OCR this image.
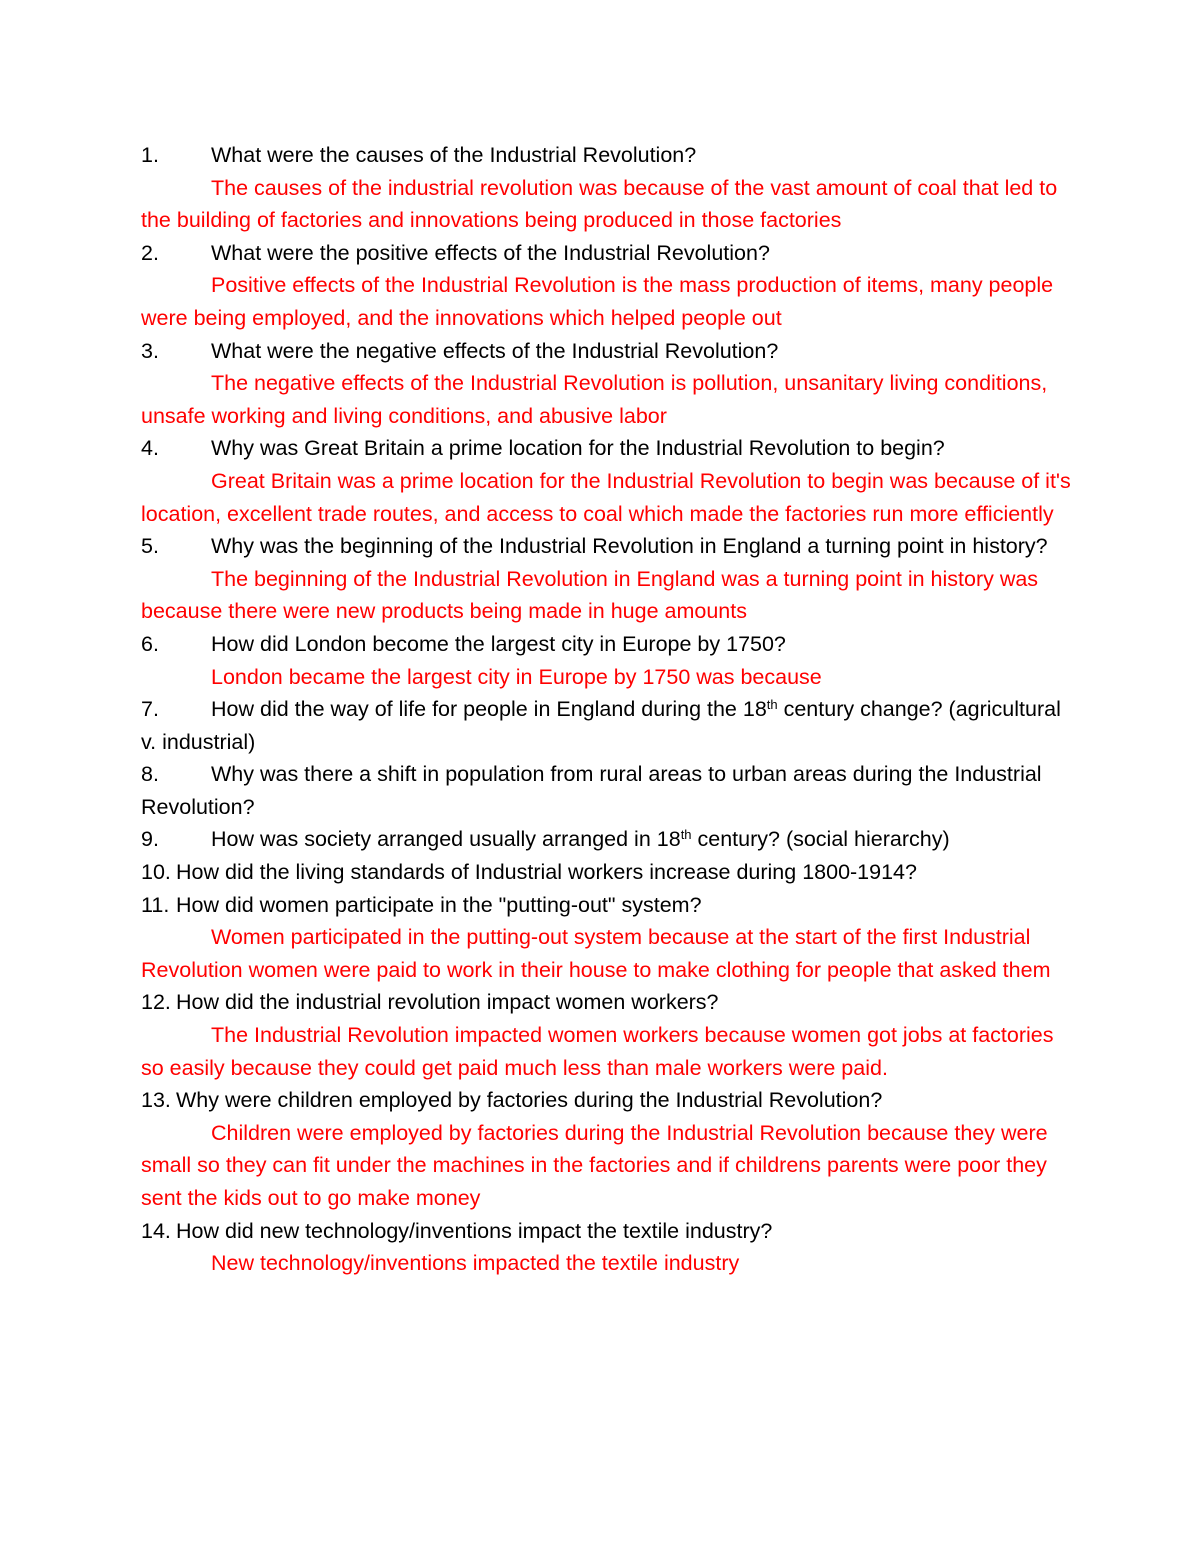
1. What were the causes of the Industrial Revolution?

The causes of the industrial revolution was because of the vast amount of coal that led to the building of factories and innovations being produced in those factories

2. What were the positive effects of the Industrial Revolution?

Positive effects of the Industrial Revolution is the mass production of items, many people were being employed, and the innovations which helped people out

3. What were the negative effects of the Industrial Revolution?

The negative effects of the Industrial Revolution is pollution, unsanitary living conditions, unsafe working and living conditions, and abusive labor

4. Why was Great Britain a prime location for the Industrial Revolution to begin?

Great Britain was a prime location for the Industrial Revolution to begin was because of it's location, excellent trade routes, and access to coal which made the factories run more efficiently

5. Why was the beginning of the Industrial Revolution in England a turning point in history?

The beginning of the Industrial Revolution in England was a turning point in history was because there were new products being made in huge amounts

6. How did London become the largest city in Europe by 1750?

London became the largest city in Europe by 1750 was because

7. How did the way of life for people in England during the 18th century change? (agricultural v. industrial)

8. Why was there a shift in population from rural areas to urban areas during the Industrial Revolution?

9. How was society arranged usually arranged in 18th century? (social hierarchy)

10. How did the living standards of Industrial workers increase during 1800-1914?

11. How did women participate in the "putting-out" system?

Women participated in the putting-out system because at the start of the first Industrial Revolution women were paid to work in their house to make clothing for people that asked them

12. How did the industrial revolution impact women workers?

The Industrial Revolution impacted women workers because women got jobs at factories so easily because they could get paid much less than male workers were paid.

13. Why were children employed by factories during the Industrial Revolution?

Children were employed by factories during the Industrial Revolution because they were small so they can fit under the machines in the factories and if childrens parents were poor they sent the kids out to go make money

14. How did new technology/inventions impact the textile industry?

New technology/inventions impacted the textile industry
